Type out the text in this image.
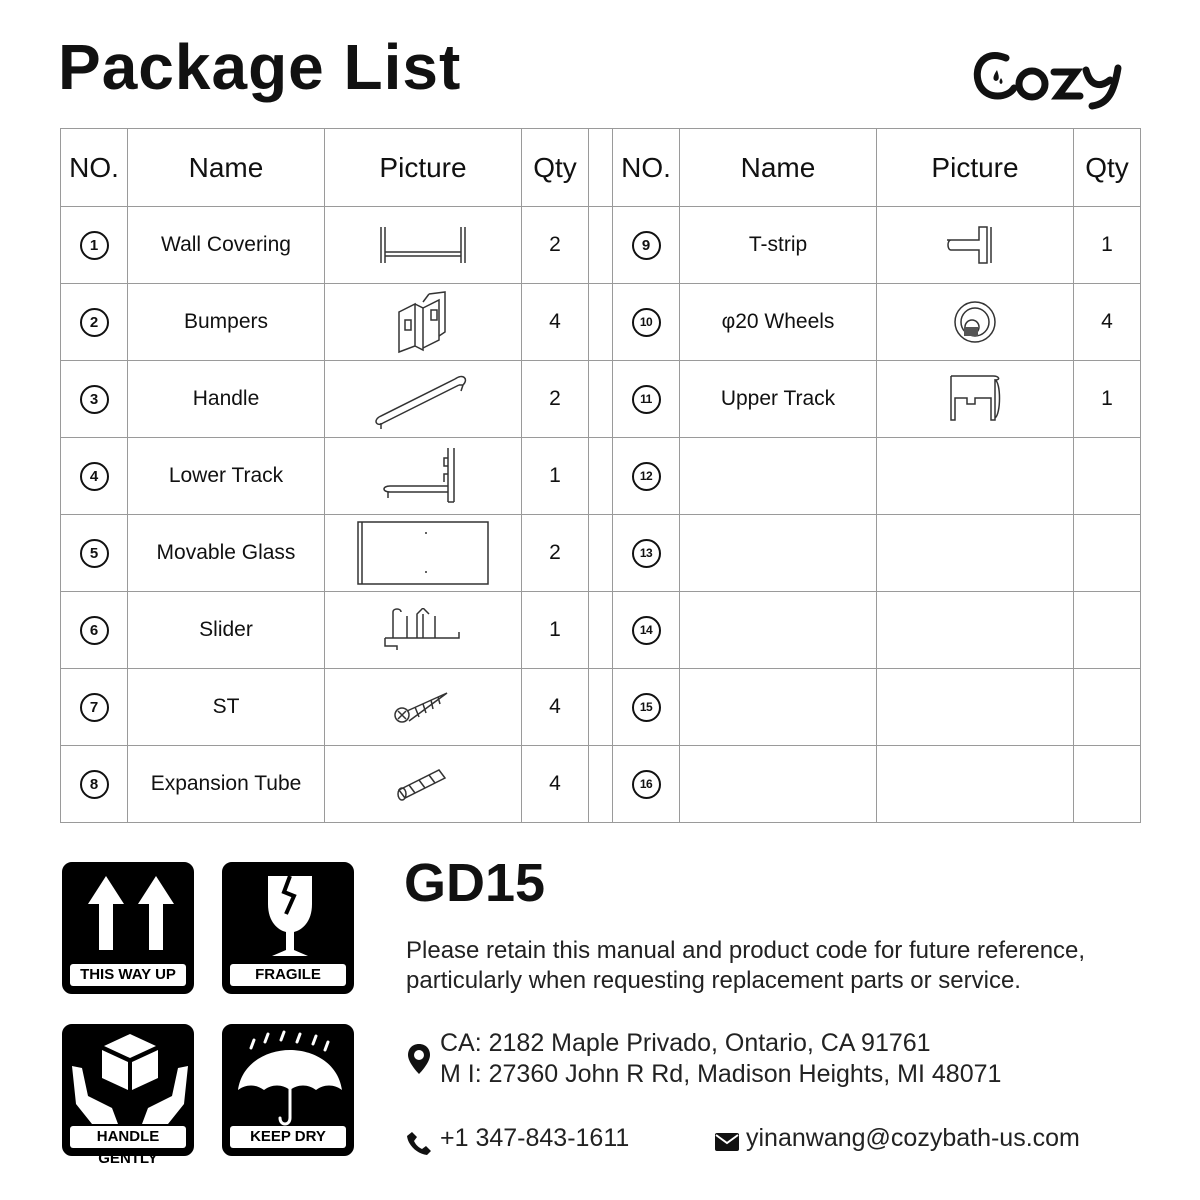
Package List
NO.	Name	Picture	Qty		NO.	Name	Picture	Qty
1	Wall Covering		2		9	T-strip		1
2	Bumpers		4		10	φ20 Wheels		4
3	Handle		2		11	Upper Track		1
4	Lower Track		1		12			
5	Movable Glass		2		13			
6	Slider		1		14			
7	ST		4		15			
8	Expansion Tube		4		16			
THIS WAY UP	FRAGILE
HANDLE GENTLY
KEEP DRY
GD15
Please retain this manual and product code for future reference, particularly when requesting replacement parts or service.
CA: 2182 Maple Privado, Ontario, CA 91761
M I: 27360 John R Rd, Madison Heights, MI 48071
+1 347-843-1611	yinanwang@cozybath-us.com
